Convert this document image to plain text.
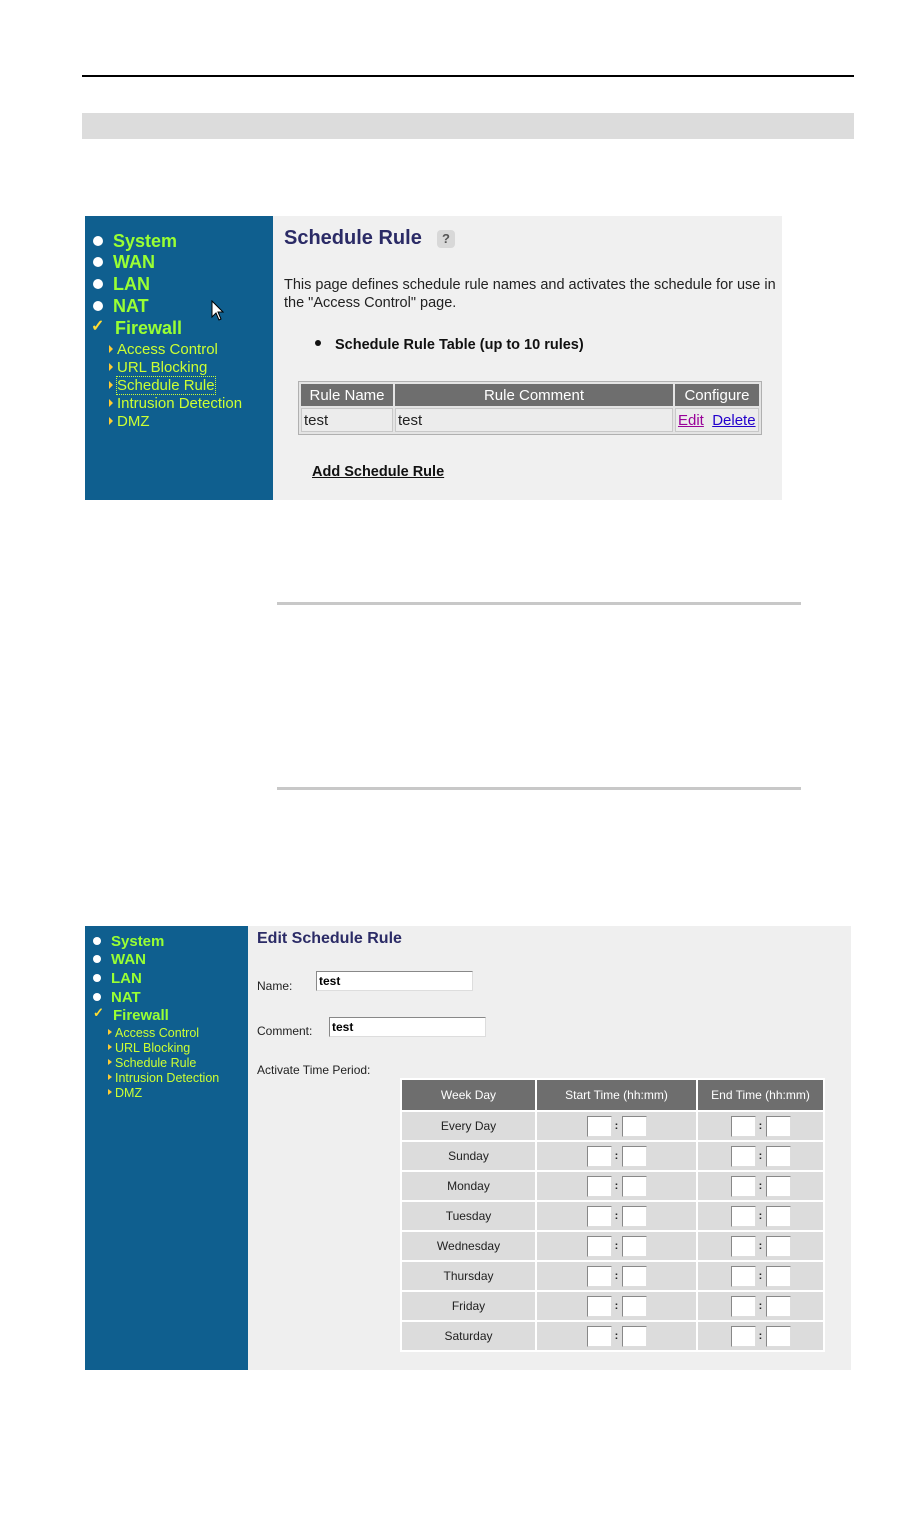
System
WAN
LAN
NAT
✓ Firewall
Access Control
URL Blocking
Schedule Rule
Intrusion Detection
DMZ
Schedule Rule	?
This page defines schedule rule names and activates the schedule for use in the "Access Control" page.
Schedule Rule Table (up to 10 rules)
Rule Name	Rule Comment	Configure
test	test	Edit Delete
Add Schedule Rule
System
WAN
LAN
NAT
✓ Firewall
Access Control
URL Blocking
Schedule Rule
Intrusion Detection
DMZ
Edit Schedule Rule
Name:
test
Comment:
test
Activate Time Period:
Week Day	Start Time (hh:mm)	End Time (hh:mm)
Every Day	:	:
Sunday	:	:
Monday	:	:
Tuesday	:	:
Wednesday	:	:
Thursday	:	:
Friday	:	:
Saturday	:	:
